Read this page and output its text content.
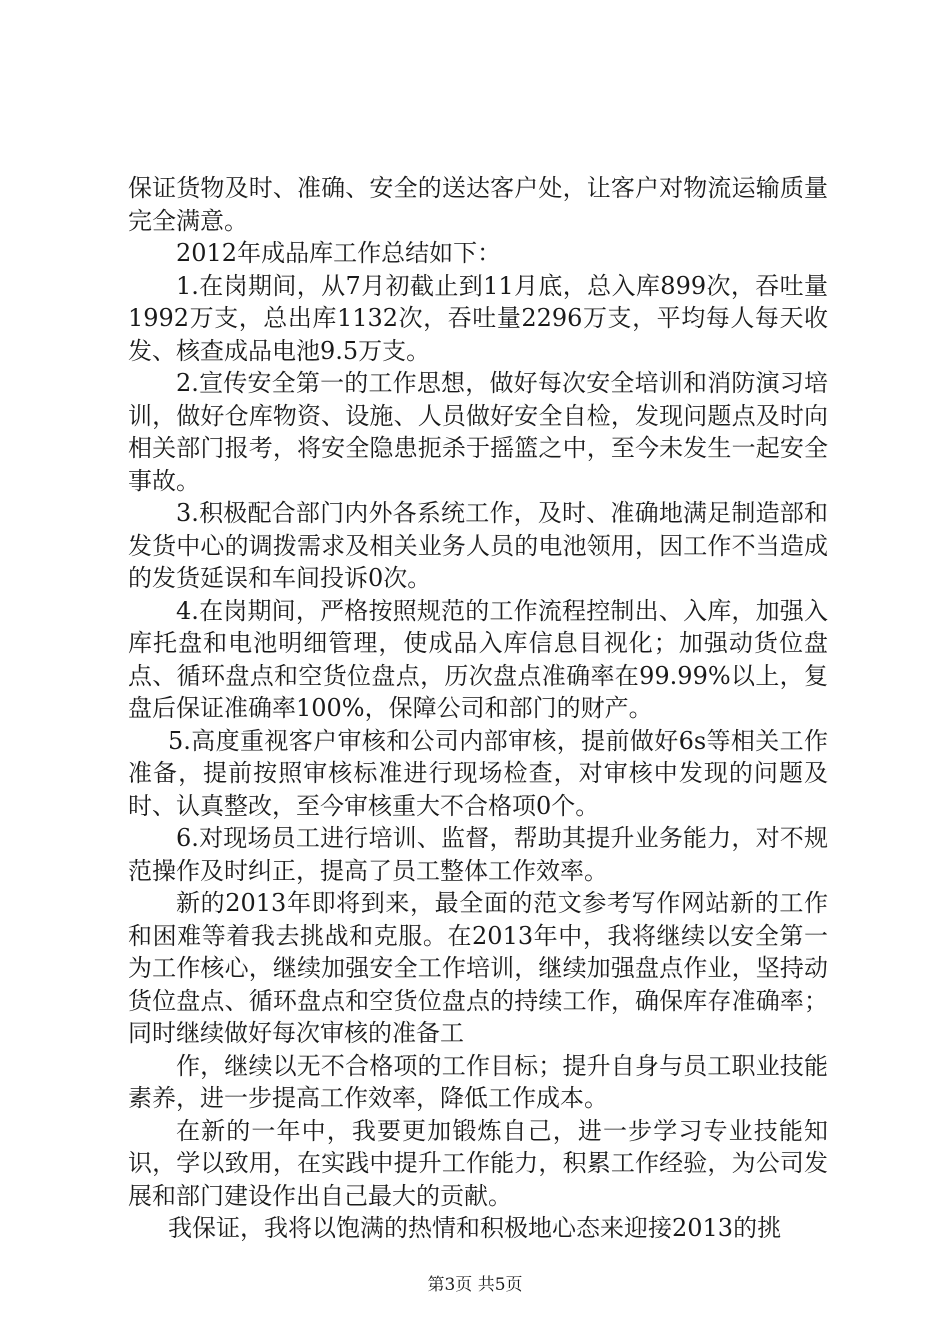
保证货物及时、准确、安全的送达客户处，让客户对物流运输质量完全满意。

2012年成品库工作总结如下：

1.在岗期间，从7月初截止到11月底，总入库899次，吞吐量1992万支，总出库1132次，吞吐量2296万支，平均每人每天收发、核查成品电池9.5万支。

2.宣传安全第一的工作思想，做好每次安全培训和消防演习培训，做好仓库物资、设施、人员做好安全自检，发现问题点及时向相关部门报考，将安全隐患扼杀于摇篮之中，至今未发生一起安全事故。

3.积极配合部门内外各系统工作，及时、准确地满足制造部和发货中心的调拨需求及相关业务人员的电池领用，因工作不当造成的发货延误和车间投诉0次。

4.在岗期间，严格按照规范的工作流程控制出、入库，加强入库托盘和电池明细管理，使成品入库信息目视化；加强动货位盘点、循环盘点和空货位盘点，历次盘点准确率在99.99%以上，复盘后保证准确率100%，保障公司和部门的财产。

5.高度重视客户审核和公司内部审核，提前做好6s等相关工作准备，提前按照审核标准进行现场检查，对审核中发现的问题及时、认真整改，至今审核重大不合格项0个。

6.对现场员工进行培训、监督，帮助其提升业务能力，对不规范操作及时纠正，提高了员工整体工作效率。

新的2013年即将到来，最全面的范文参考写作网站新的工作和困难等着我去挑战和克服。在2013年中，我将继续以安全第一为工作核心，继续加强安全工作培训，继续加强盘点作业，坚持动货位盘点、循环盘点和空货位盘点的持续工作，确保库存准确率；同时继续做好每次审核的准备工

作，继续以无不合格项的工作目标；提升自身与员工职业技能素养，进一步提高工作效率，降低工作成本。

在新的一年中，我要更加锻炼自己，进一步学习专业技能知识，学以致用，在实践中提升工作能力，积累工作经验，为公司发展和部门建设作出自己最大的贡献。

我保证，我将以饱满的热情和积极地心态来迎接2013的挑

第3页 共5页
